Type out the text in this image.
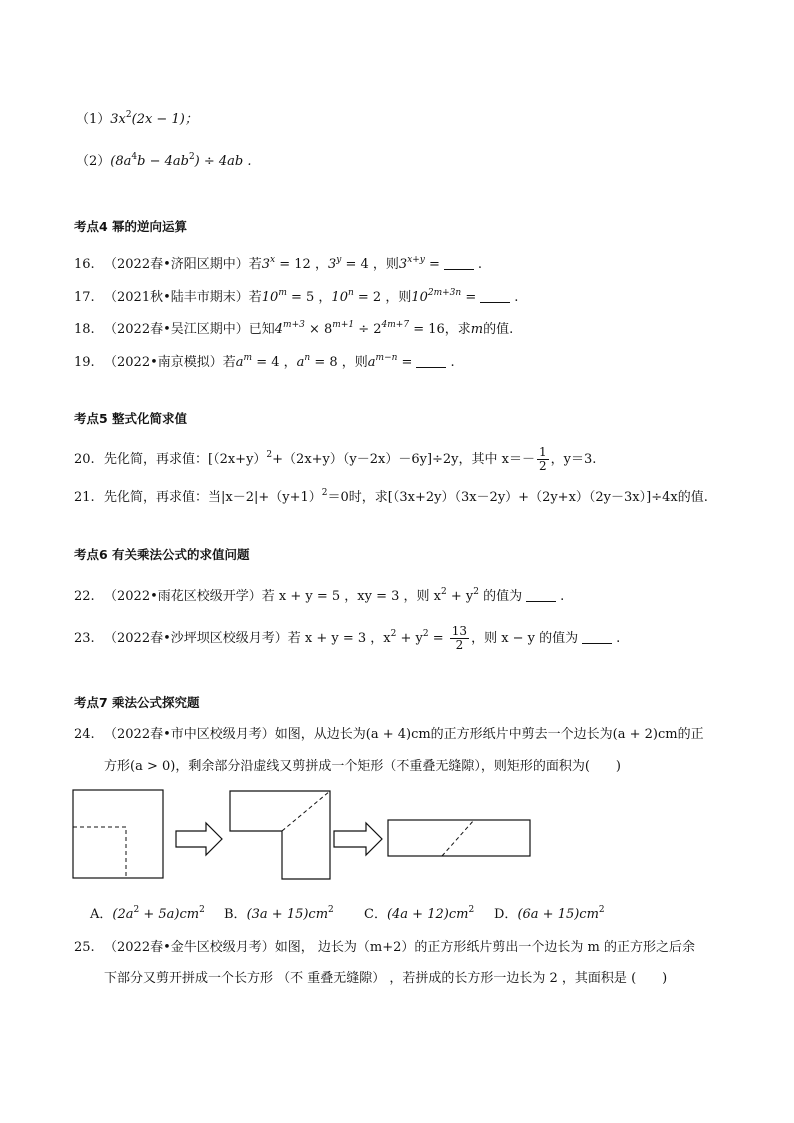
$(1)3x^2(2x - 1)$；
$(2)(8a^4b - 4ab^2) \div 4ab$ .
考点4 幂的逆向运算
16. （2022春•济阳区期中）若$3^x = 12$ ，$3^y = 4$ ，则$3^{x+y}$ =	.
17. （2021秋•陆丰市期末）若$10^m = 5$ ，$10^n = 2$ ，则$10^{2m+3n}$ =	.
18. （2022春•吴江区期中）已知$4^{m+3} \times 8^{m+1} \div 2^{4m+7} = 16$，求m的值.
19. （2022•南京模拟）若$a^m = 4$ ，$a^n = 8$ ，则$a^{m-n}$ =	.
考点5 整式化简求值
20. 先化简，再求值：$[(2x+y)^2+(2x+y)(y-2x)-6y]\div 2y$，其中 $x=- \frac{1}{2}$ ，y＝3.
21. 先化简，再求值：当$|x-2|+(y+1)^2=0$时，求[（3x+2y）（3x－2y）+（2y+x）（2y－3x）]÷4x的值.
考点6 有关乘法公式的求值问题
22. （2022•雨花区校级开学）若 x + y = 5 ，xy = 3 ，则 $x^2 + y^2$ 的值为	.
23. （2022春•沙坪坝区校级月考）若 x + y = 3 ，$x^2 + y^2 = \frac{13}{2}$ ，则 x − y 的值为	.
考点7 乘法公式探究题
24. （2022春•市中区校级月考）如图，从边长为(a + 4)cm的正方形纸片中剪去一个边长为(a + 2)cm的正
方形(a > 0)，剩余部分沿虚线又剪拼成一个矩形（不重叠无缝隙），则矩形的面积为(　　)
A．$(2a^2 + 5a)cm^2$ B．$(3a + 15)cm^2$ C．$(4a + 12)cm^2$ D．$(6a + 15)cm^2$
25. （2022春•金牛区校级月考）如图， 边长为（m+2）的正方形纸片剪出一个边长为 m 的正方形之后余
下部分又剪开拼成一个长方形 （不 重叠无缝隙） ，若拼成的长方形一边长为 2 ，其面积是 (　　)
